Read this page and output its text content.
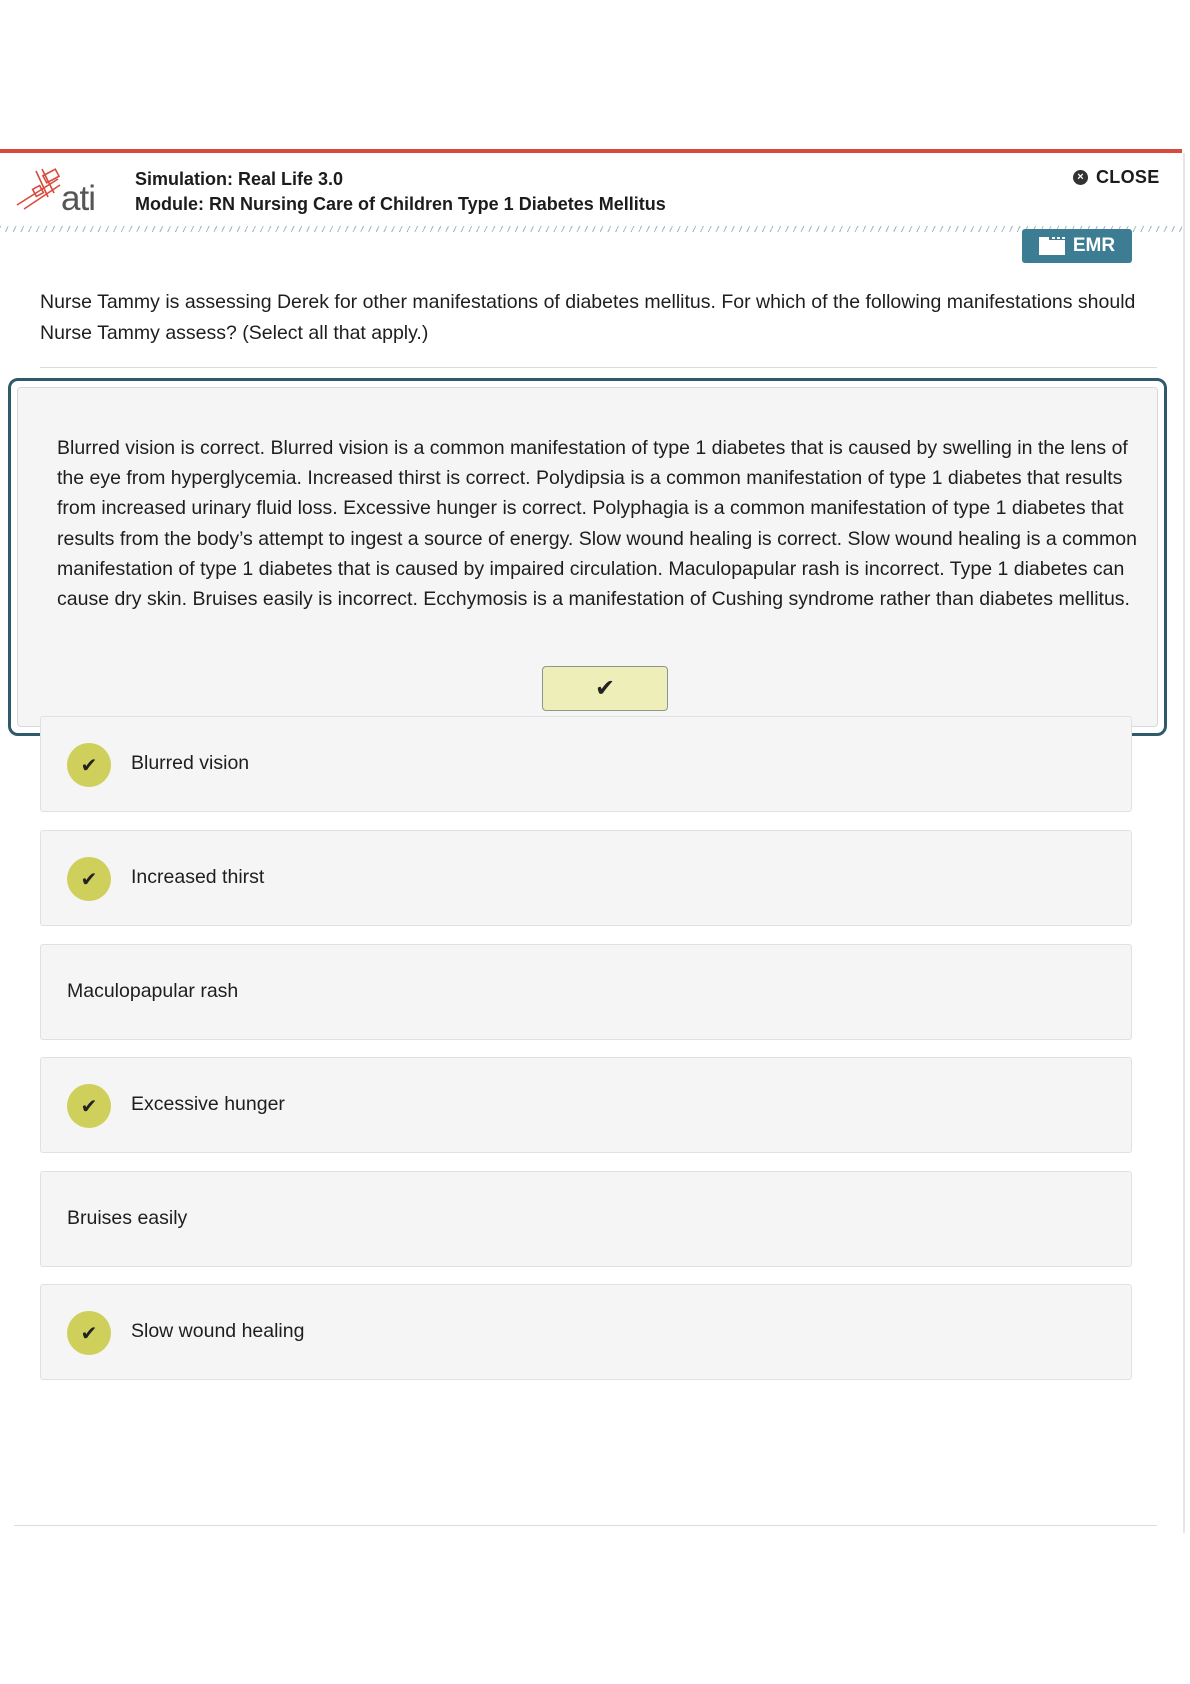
ati Simulation: Real Life 3.0
Module: RN Nursing Care of Children Type 1 Diabetes Mellitus
× CLOSE
EMR
Nurse Tammy is assessing Derek for other manifestations of diabetes mellitus. For which of the following manifestations should Nurse Tammy assess? (Select all that apply.)
Blurred vision is correct. Blurred vision is a common manifestation of type 1 diabetes that is caused by swelling in the lens of the eye from hyperglycemia. Increased thirst is correct. Polydipsia is a common manifestation of type 1 diabetes that results from increased urinary fluid loss. Excessive hunger is correct. Polyphagia is a common manifestation of type 1 diabetes that results from the body’s attempt to ingest a source of energy. Slow wound healing is correct. Slow wound healing is a common manifestation of type 1 diabetes that is caused by impaired circulation. Maculopapular rash is incorrect. Type 1 diabetes can cause dry skin. Bruises easily is incorrect. Ecchymosis is a manifestation of Cushing syndrome rather than diabetes mellitus.
✔
✔ Blurred vision
✔ Increased thirst
Maculopapular rash
✔ Excessive hunger
Bruises easily
✔ Slow wound healing
